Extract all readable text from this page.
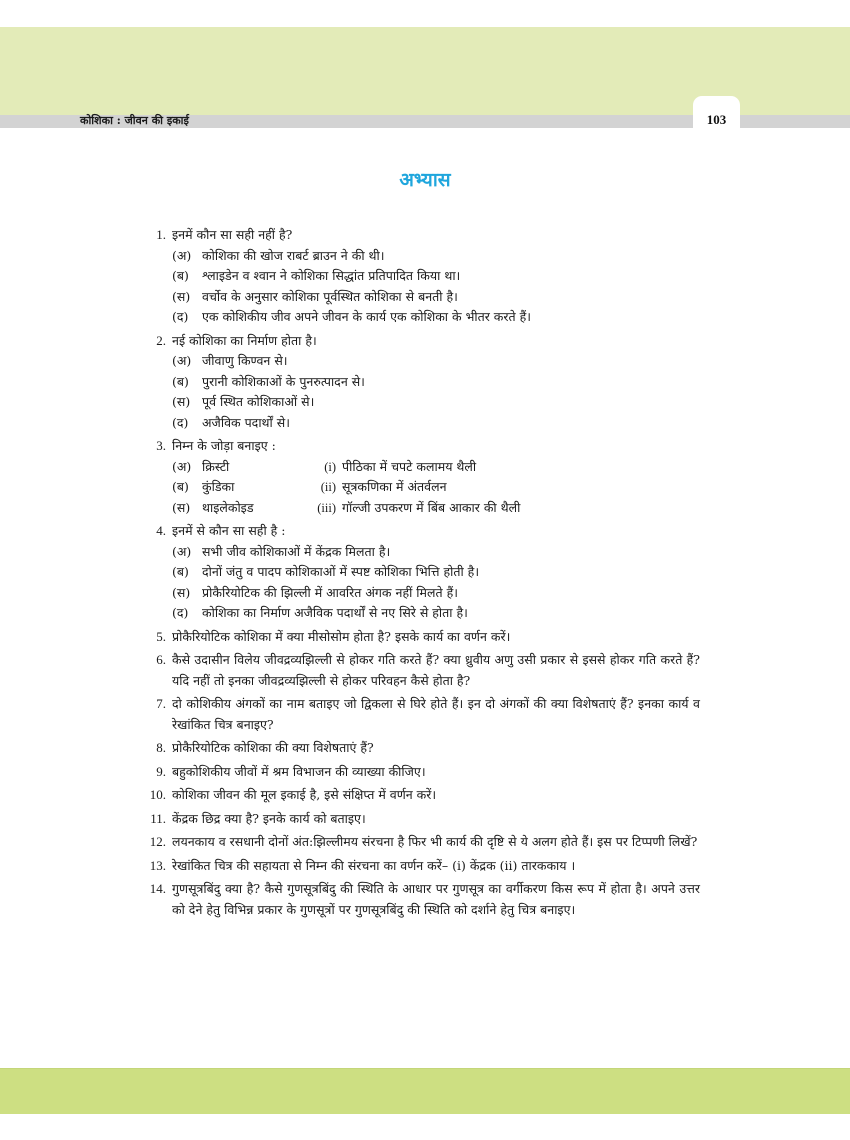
कोशिका : जीवन की इकाई	103
अभ्यास
1. इनमें कौन सा सही नहीं है?
(अ) कोशिका की खोज राबर्ट ब्राउन ने की थी।
(ब)	श्लाइडेन व श्वान ने कोशिका सिद्धांत प्रतिपादित किया था।
(स) वर्चोव के अनुसार कोशिका पूर्वस्थित कोशिका से बनती है।
(द)	एक कोशिकीय जीव अपने जीवन के कार्य एक कोशिका के भीतर करते हैं।
2. नई कोशिका का निर्माण होता है।
(अ) जीवाणु किण्वन से।
(ब)	पुरानी कोशिकाओं के पुनरुत्पादन से।
(स) पूर्व स्थित कोशिकाओं से।
(द)	अजैविक पदार्थों से।
3. निम्न के जोड़ा बनाइए :
(अ) क्रिस्टी	(i) पीठिका में चपटे कलामय थैली
(ब)	कुंडिका	(ii) सूत्रकणिका में अंतर्वलन
(स) थाइलेकोइड	(iii) गॉल्जी उपकरण में बिंब आकार की थैली
4. इनमें से कौन सा सही है :
(अ) सभी जीव कोशिकाओं में केंद्रक मिलता है।
(ब)	दोनों जंतु व पादप कोशिकाओं में स्पष्ट कोशिका भित्ति होती है।
(स) प्रोकैरियोटिक की झिल्ली में आवरित अंगक नहीं मिलते हैं।
(द)	कोशिका का निर्माण अजैविक पदार्थों से नए सिरे से होता है।
5. प्रोकैरियोटिक कोशिका में क्या मीसोसोम होता है? इसके कार्य का वर्णन करें।
6. कैसे उदासीन विलेय जीवद्रव्यझिल्ली से होकर गति करते हैं? क्या ध्रुवीय अणु उसी प्रकार से इससे होकर गति करते हैं? यदि नहीं तो इनका जीवद्रव्यझिल्ली से होकर परिवहन कैसे होता है?
7. दो कोशिकीय अंगकों का नाम बताइए जो द्विकला से घिरे होते हैं। इन दो अंगकों की क्या विशेषताएं हैं? इनका कार्य व रेखांकित चित्र बनाइए?
8. प्रोकैरियोटिक कोशिका की क्या विशेषताएं हैं?
9. बहुकोशिकीय जीवों में श्रम विभाजन की व्याख्या कीजिए।
10. कोशिका जीवन की मूल इकाई है, इसे संक्षिप्त में वर्णन करें।
11. केंद्रक छिद्र क्या है? इनके कार्य को बताइए।
12. लयनकाय व रसधानी दोनों अंत:झिल्लीमय संरचना है फिर भी कार्य की दृष्टि से ये अलग होते हैं। इस पर टिप्पणी लिखें?
13. रेखांकित चित्र की सहायता से निम्न की संरचना का वर्णन करें– (i) केंद्रक (ii) तारककाय ।
14. गुणसूत्रबिंदु क्या है? कैसे गुणसूत्रबिंदु की स्थिति के आधार पर गुणसूत्र का वर्गीकरण किस रूप में होता है। अपने उत्तर को देने हेतु विभिन्न प्रकार के गुणसूत्रों पर गुणसूत्रबिंदु की स्थिति को दर्शाने हेतु चित्र बनाइए।
